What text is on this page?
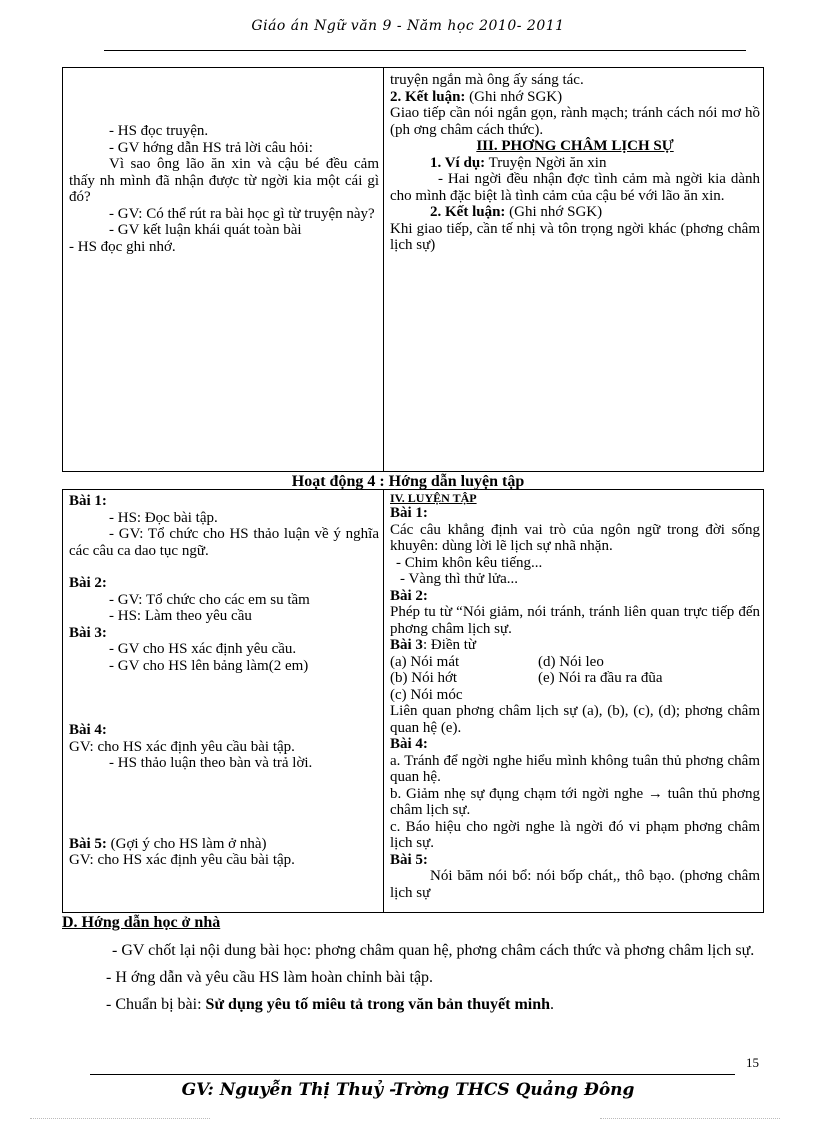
Giáo án Ngữ văn 9 - Năm học 2010- 2011

- HS đọc truyện.

- GV hớng dẫn HS trả lời câu hỏi:

Vì sao ông lão ăn xin và cậu bé đều cảm thấy nh mình đã nhận được từ ngời kia một cái gì đó?

- GV: Có thể rút ra bài học gì từ truyện này?

- GV kết luận khái quát toàn bài

- HS đọc ghi nhớ.

truyện ngắn mà ông ấy sáng tác.

2. Kết luận: (Ghi nhớ SGK)

Giao tiếp cần nói ngắn gọn, rành mạch; tránh cách nói mơ hồ (ph ơng châm cách thức).

III. PHƠNG CHÂM LỊCH SỰ

1. Ví dụ: Truyện Ngời ăn xin

- Hai ngời đều nhận đợc tình cảm mà ngời kia dành cho mình đặc biệt là tình cảm của cậu bé với lão ăn xin.

2. Kết luận: (Ghi nhớ SGK)

Khi giao tiếp, cần tế nhị và tôn trọng ngời khác (phơng châm lịch sự)

Hoạt động 4 : Hớng dẫn luyện tập

Bài 1:

- HS: Đọc bài tập.

- GV: Tổ chức cho HS thảo luận về ý nghĩa các câu ca dao tục ngữ.

Bài 2:

- GV: Tổ chức cho các em su tầm

- HS: Làm theo yêu cầu

Bài 3:

- GV cho HS xác định yêu cầu.

- GV cho HS lên bảng làm(2 em)

Bài 4:

GV: cho HS xác định yêu cầu bài tập.

- HS thảo luận theo bàn và trả lời.

Bài 5: (Gợi ý cho HS làm ở nhà)

GV: cho HS xác định yêu cầu bài tập.

IV. LUYỆN TẬP

Bài 1:

Các câu khẳng định vai trò của ngôn ngữ trong đời sống khuyên: dùng lời lẽ lịch sự nhã nhặn.

- Chim khôn kêu tiếng...

- Vàng thì thử lửa...

Bài 2:

Phép tu từ “Nói giảm, nói tránh, tránh liên quan trực tiếp đến phơng châm lịch sự.

Bài 3: Điền từ

(a) Nói mát	(d) Nói leo
(b) Nói hớt	(e) Nói ra đầu ra đũa

(c) Nói móc

Liên quan phơng châm lịch sự (a), (b), (c), (d); phơng châm quan hệ (e).

Bài 4:

a. Tránh để ngời nghe hiểu mình không tuân thủ phơng châm quan hệ.

b. Giảm nhẹ sự đụng chạm tới ngời nghe → tuân thủ phơng châm lịch sự.

c. Báo hiệu cho ngời nghe là ngời đó vi phạm phơng châm lịch sự.

Bài 5:

Nói băm nói bổ: nói bốp chát,, thô bạo. (phơng châm lịch sự

D. Hớng dẫn học ở nhà

- GV chốt lại nội dung bài học: phơng châm quan hệ, phơng châm cách thức và phơng châm lịch sự.

- H ớng dẫn và yêu cầu HS làm hoàn chỉnh bài tập.

- Chuẩn bị bài: Sử dụng yêu tố miêu tả trong văn bản thuyết minh.

15
GV: Nguyễn Thị Thuỷ -Trờng THCS Quảng Đông
